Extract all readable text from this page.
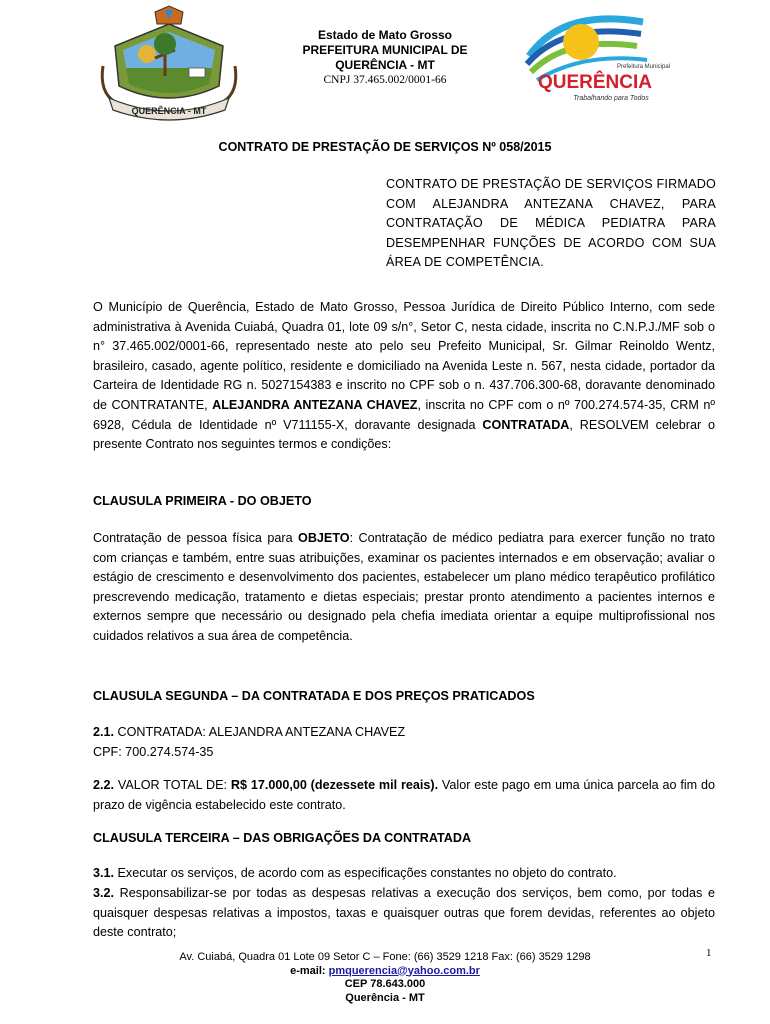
QUERÊNCIA - MT
Estado de Mato Grosso
PREFEITURA MUNICIPAL DE
QUERÊNCIA - MT
CNPJ 37.465.002/0001-66
Prefeitura Municipal
QUERÊNCIA
Trabalhando para Todos
CONTRATO DE PRESTAÇÃO DE SERVIÇOS Nº 058/2015
CONTRATO DE PRESTAÇÃO DE SERVIÇOS FIRMADO COM ALEJANDRA ANTEZANA CHAVEZ, PARA CONTRATAÇÃO DE MÉDICA PEDIATRA PARA DESEMPENHAR FUNÇÕES DE ACORDO COM SUA ÁREA DE COMPETÊNCIA.
O Município de Querência, Estado de Mato Grosso, Pessoa Jurídica de Direito Público Interno, com sede administrativa à Avenida Cuiabá, Quadra 01, lote 09 s/n°, Setor C, nesta cidade, inscrita no C.N.P.J./MF sob o n° 37.465.002/0001-66, representado neste ato pelo seu Prefeito Municipal, Sr. Gilmar Reinoldo Wentz, brasileiro, casado, agente político, residente e domiciliado na Avenida Leste n. 567, nesta cidade, portador da Carteira de Identidade RG n. 5027154383 e inscrito no CPF sob o n. 437.706.300-68, doravante denominado de CONTRATANTE, ALEJANDRA ANTEZANA CHAVEZ, inscrita no CPF com o nº 700.274.574-35, CRM nº 6928, Cédula de Identidade nº V711155-X, doravante designada CONTRATADA, RESOLVEM celebrar o presente Contrato nos seguintes termos e condições:
CLAUSULA PRIMEIRA - DO OBJETO
Contratação de pessoa física para OBJETO: Contratação de médico pediatra para exercer função no trato com crianças e também, entre suas atribuições, examinar os pacientes internados e em observação; avaliar o estágio de crescimento e desenvolvimento dos pacientes, estabelecer um plano médico terapêutico profilático prescrevendo medicação, tratamento e dietas especiais; prestar pronto atendimento a pacientes internos e externos sempre que necessário ou designado pela chefia imediata orientar a equipe multiprofissional nos cuidados relativos a sua área de competência.
CLAUSULA SEGUNDA – DA CONTRATADA E DOS PREÇOS PRATICADOS
2.1. CONTRATADA: ALEJANDRA ANTEZANA CHAVEZ
CPF: 700.274.574-35
2.2. VALOR TOTAL DE: R$ 17.000,00 (dezessete mil reais). Valor este pago em uma única parcela ao fim do prazo de vigência estabelecido este contrato.
CLAUSULA TERCEIRA – DAS OBRIGAÇÕES DA CONTRATADA
3.1. Executar os serviços, de acordo com as especificações constantes no objeto do contrato.
3.2. Responsabilizar-se por todas as despesas relativas a execução dos serviços, bem como, por todas e quaisquer despesas relativas a impostos, taxas e quaisquer outras que forem devidas, referentes ao objeto deste contrato;
1
Av. Cuiabá, Quadra 01 Lote 09 Setor C – Fone: (66) 3529 1218 Fax: (66) 3529 1298
e-mail: pmquerencia@yahoo.com.br
CEP 78.643.000
Querência - MT
